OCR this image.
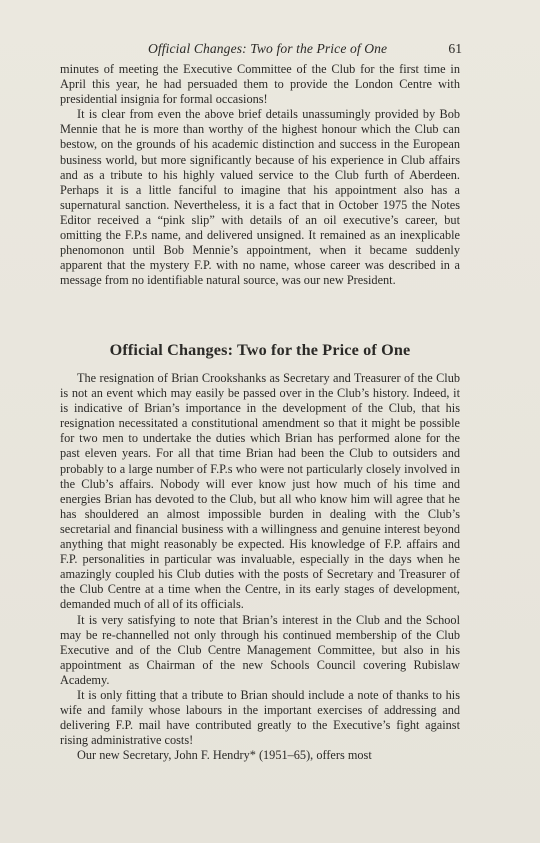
Official Changes: Two for the Price of One	61

minutes of meeting the Executive Committee of the Club for the first time in April this year, he had persuaded them to provide the London Centre with presidential insignia for formal occasions!

It is clear from even the above brief details unassumingly provided by Bob Mennie that he is more than worthy of the highest honour which the Club can bestow, on the grounds of his academic distinction and success in the European business world, but more significantly because of his experience in Club affairs and as a tribute to his highly valued service to the Club furth of Aberdeen. Perhaps it is a little fanciful to imagine that his appointment also has a supernatural sanction. Nevertheless, it is a fact that in October 1975 the Notes Editor received a “pink slip” with details of an oil executive’s career, but omitting the F.P.s name, and delivered unsigned. It remained as an inexplicable phenomonon until Bob Mennie’s appointment, when it became suddenly apparent that the mystery F.P. with no name, whose career was described in a message from no identifiable natural source, was our new President.

Official Changes: Two for the Price of One

The resignation of Brian Crookshanks as Secretary and Treasurer of the Club is not an event which may easily be passed over in the Club’s history. Indeed, it is indicative of Brian’s importance in the development of the Club, that his resignation necessitated a constitutional amendment so that it might be possible for two men to undertake the duties which Brian has performed alone for the past eleven years. For all that time Brian had been the Club to outsiders and probably to a large number of F.P.s who were not particularly closely involved in the Club’s affairs. Nobody will ever know just how much of his time and energies Brian has devoted to the Club, but all who know him will agree that he has shouldered an almost impossible burden in dealing with the Club’s secretarial and financial business with a willingness and genuine interest beyond anything that might reasonably be expected. His knowledge of F.P. affairs and F.P. personalities in particular was invaluable, especially in the days when he amazingly coupled his Club duties with the posts of Secretary and Treasurer of the Club Centre at a time when the Centre, in its early stages of development, demanded much of all of its officials.

It is very satisfying to note that Brian’s interest in the Club and the School may be re-channelled not only through his continued membership of the Club Executive and of the Club Centre Management Committee, but also in his appointment as Chairman of the new Schools Council covering Rubislaw Academy.

It is only fitting that a tribute to Brian should include a note of thanks to his wife and family whose labours in the important exercises of addressing and delivering F.P. mail have contributed greatly to the Executive’s fight against rising administrative costs!

Our new Secretary, John F. Hendry* (1951–65), offers most
